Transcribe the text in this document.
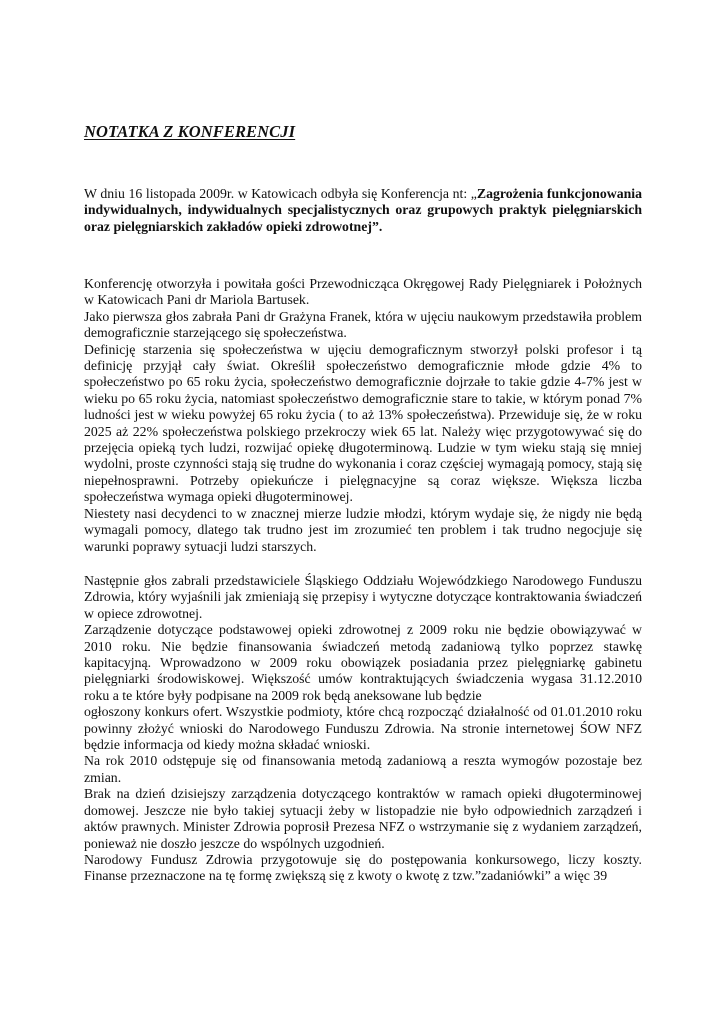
NOTATKA Z KONFERENCJI

W dniu 16 listopada 2009r. w Katowicach odbyła się Konferencja nt: „Zagrożenia funkcjonowania indywidualnych, indywidualnych specjalistycznych oraz grupowych praktyk pielęgniarskich oraz pielęgniarskich zakładów opieki zdrowotnej”.

Konferencję otworzyła i powitała gości Przewodnicząca Okręgowej Rady Pielęgniarek i Położnych w Katowicach Pani dr Mariola Bartusek.

Jako pierwsza głos zabrała Pani dr Grażyna Franek, która w ujęciu naukowym przedstawiła problem demograficznie starzejącego się społeczeństwa.

Definicję starzenia się społeczeństwa w ujęciu demograficznym stworzył polski profesor i tą definicję przyjął cały świat. Określił społeczeństwo demograficznie młode gdzie 4% to społeczeństwo po 65 roku życia, społeczeństwo demograficznie dojrzałe to takie gdzie 4-7% jest w wieku po 65 roku życia, natomiast społeczeństwo demograficznie stare to takie, w którym ponad 7% ludności jest w wieku powyżej 65 roku życia ( to aż 13% społeczeństwa). Przewiduje się, że w roku 2025 aż 22% społeczeństwa polskiego przekroczy wiek 65 lat. Należy więc przygotowywać się do przejęcia opieką tych ludzi, rozwijać opiekę długoterminową. Ludzie w tym wieku stają się mniej wydolni, proste czynności stają się trudne do wykonania i coraz częściej wymagają pomocy, stają się niepełnosprawni. Potrzeby opiekuńcze i pielęgnacyjne są coraz większe. Większa liczba społeczeństwa wymaga opieki długoterminowej.

Niestety nasi decydenci to w znacznej mierze ludzie młodzi, którym wydaje się, że nigdy nie będą wymagali pomocy, dlatego tak trudno jest im zrozumieć ten problem i tak trudno negocjuje się warunki poprawy sytuacji ludzi starszych.

Następnie głos zabrali przedstawiciele Śląskiego Oddziału Wojewódzkiego Narodowego Funduszu Zdrowia, który wyjaśnili jak zmieniają się przepisy i wytyczne dotyczące kontraktowania świadczeń w opiece zdrowotnej.

Zarządzenie dotyczące podstawowej opieki zdrowotnej z 2009 roku nie będzie obowiązywać w 2010 roku. Nie będzie finansowania świadczeń metodą zadaniową tylko poprzez stawkę kapitacyjną. Wprowadzono w 2009 roku obowiązek posiadania przez pielęgniarkę gabinetu pielęgniarki środowiskowej. Większość umów kontraktujących świadczenia wygasa 31.12.2010 roku a te które były podpisane na 2009 rok będą aneksowane lub będzie

ogłoszony konkurs ofert. Wszystkie podmioty, które chcą rozpocząć działalność od 01.01.2010 roku powinny złożyć wnioski do Narodowego Funduszu Zdrowia. Na stronie internetowej ŚOW NFZ będzie informacja od kiedy można składać wnioski.

Na rok 2010 odstępuje się od finansowania metodą zadaniową a reszta wymogów pozostaje bez zmian.

Brak na dzień dzisiejszy zarządzenia dotyczącego kontraktów w ramach opieki długoterminowej domowej. Jeszcze nie było takiej sytuacji żeby w listopadzie nie było odpowiednich zarządzeń i aktów prawnych. Minister Zdrowia poprosił Prezesa NFZ o wstrzymanie się z wydaniem zarządzeń, ponieważ nie doszło jeszcze do wspólnych uzgodnień.

Narodowy Fundusz Zdrowia przygotowuje się do postępowania konkursowego, liczy koszty. Finanse przeznaczone na tę formę zwiększą się z kwoty o kwotę z tzw.”zadaniówki” a więc 39
